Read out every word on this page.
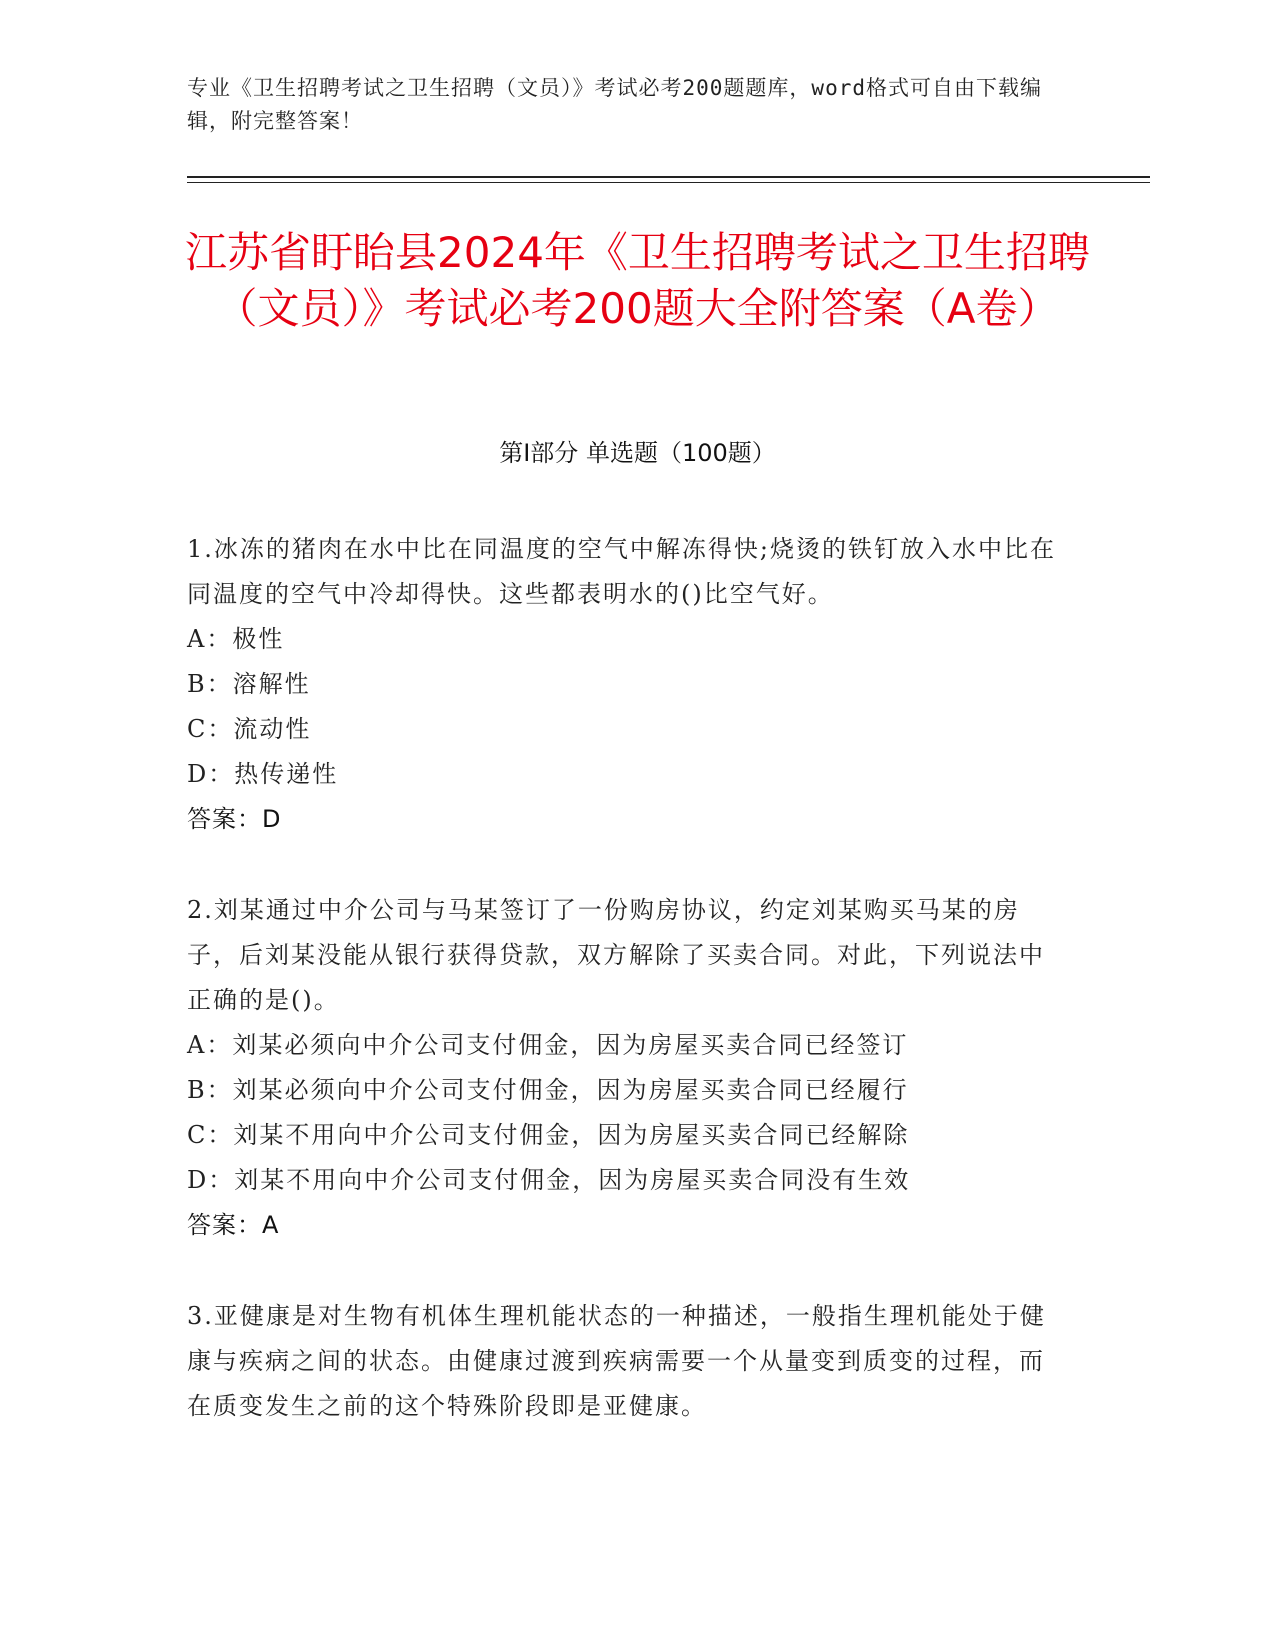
专业《卫生招聘考试之卫生招聘（文员）》考试必考200题题库，word格式可自由下载编辑，附完整答案！
江苏省盱眙县2024年《卫生招聘考试之卫生招聘（文员）》考试必考200题大全附答案（A卷）
第I部分 单选题（100题）
1.冰冻的猪肉在水中比在同温度的空气中解冻得快;烧烫的铁钉放入水中比在同温度的空气中冷却得快。这些都表明水的()比空气好。
A：极性
B：溶解性
C：流动性
D：热传递性
答案：D
2.刘某通过中介公司与马某签订了一份购房协议，约定刘某购买马某的房子，后刘某没能从银行获得贷款，双方解除了买卖合同。对此，下列说法中正确的是()。
A：刘某必须向中介公司支付佣金，因为房屋买卖合同已经签订
B：刘某必须向中介公司支付佣金，因为房屋买卖合同已经履行
C：刘某不用向中介公司支付佣金，因为房屋买卖合同已经解除
D：刘某不用向中介公司支付佣金，因为房屋买卖合同没有生效
答案：A
3.亚健康是对生物有机体生理机能状态的一种描述，一般指生理机能处于健康与疾病之间的状态。由健康过渡到疾病需要一个从量变到质变的过程，而在质变发生之前的这个特殊阶段即是亚健康。
